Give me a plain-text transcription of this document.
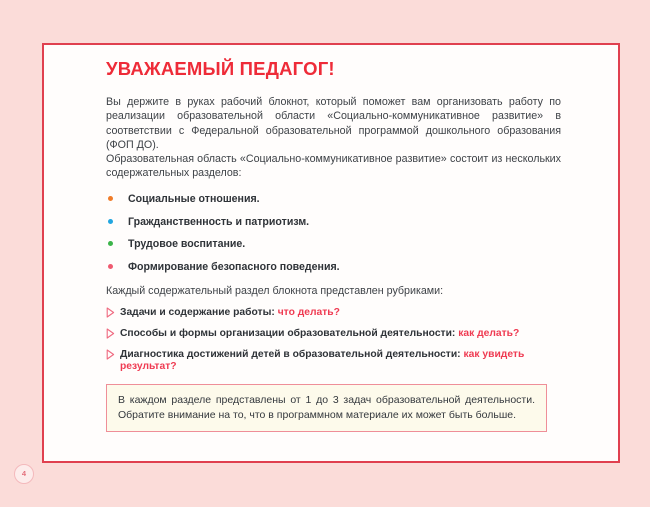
УВАЖАЕМЫЙ ПЕДАГОГ!

Вы держите в руках рабочий блокнот, который поможет вам организовать работу по реализации образовательной области «Социально-коммуникативное развитие» в соответствии с Федеральной образовательной программой дошкольного образования (ФОП ДО).

Образовательная область «Социально-коммуникативное развитие» состоит из нескольких содержательных разделов:

Социальные отношения.
Гражданственность и патриотизм.
Трудовое воспитание.
Формирование безопасного поведения.

Каждый содержательный раздел блокнота представлен рубриками:

Задачи и содержание работы: что делать?
Способы и формы организации образовательной деятельности: как делать?
Диагностика достижений детей в образовательной деятельности: как увидеть результат?

В каждом разделе представлены от 1 до 3 задач образовательной деятельности. Обратите внимание на то, что в программном материале их может быть больше.

4
